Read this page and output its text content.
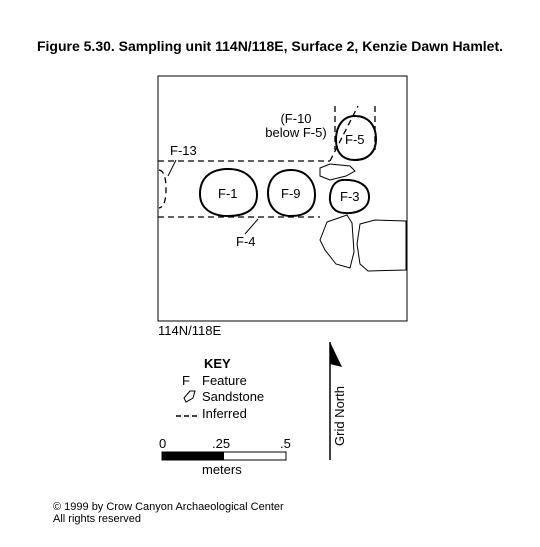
Figure 5.30. Sampling unit 114N/118E, Surface 2, Kenzie Dawn Hamlet.
F-1	F-9	F-3
F-5
(F-10
below F-5)
F-13
F-4
114N/118E
KEY
F Feature
Sandstone
Inferred
0	.25	.5
meters
Grid North
© 1999 by Crow Canyon Archaeological Center
All rights reserved
